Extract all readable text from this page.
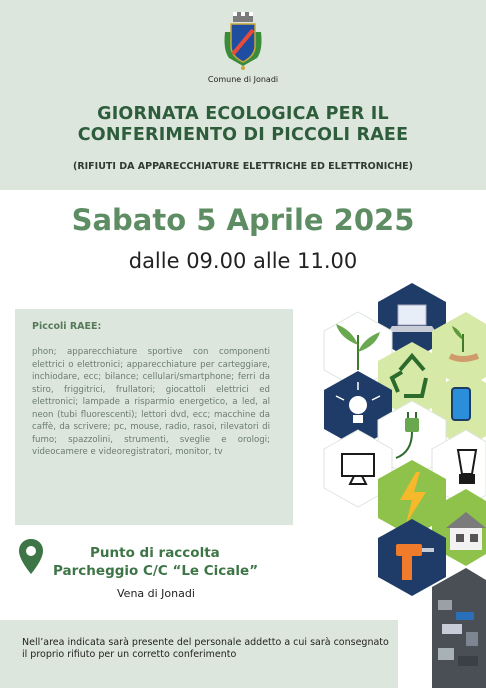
Comune di Jonadi
GIORNATA ECOLOGICA PER IL
CONFERIMENTO DI PICCOLI RAEE
(RIFIUTI DA APPARECCHIATURE ELETTRICHE ED ELETTRONICHE)
Sabato 5 Aprile 2025
dalle 09.00 alle 11.00
Piccoli RAEE:
phon; apparecchiature sportive con componenti elettrici o elettronici; apparecchiature per carteggiare, inchiodare, ecc; bilance; cellulari/smartphone; ferri da stiro, friggitrici, frullatori; giocattoli elettrici ed elettronici; lampade a risparmio energetico, a led, al neon (tubi fluorescenti); lettori dvd, ecc; macchine da caffè, da scrivere; pc, mouse, radio, rasoi, rilevatori di fumo; spazzolini, strumenti, sveglie e orologi; videocamere e videoregistratori, monitor, tv
Punto di raccolta
Parcheggio C/C “Le Cicale”
Vena di Jonadi
Nell’area indicata sarà presente del personale addetto a cui sarà consegnato il proprio rifiuto per un corretto conferimento
